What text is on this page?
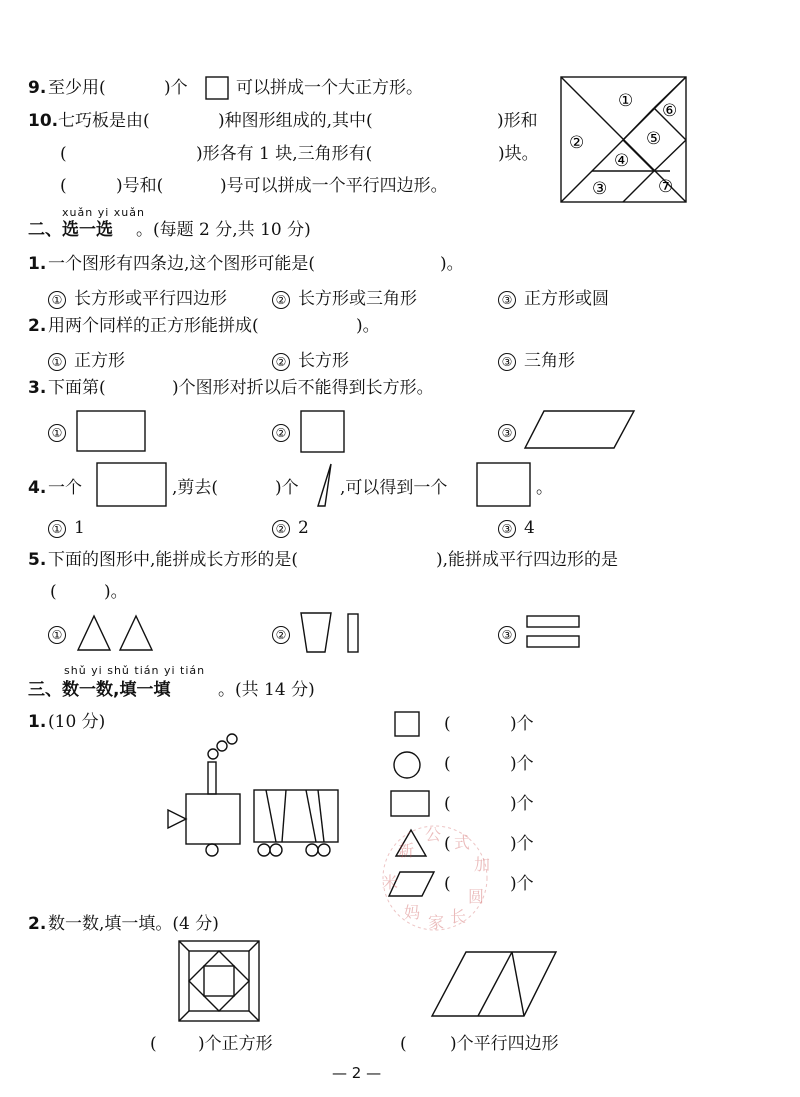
9. 至少用(	)个	可以拼成一个大正方形。
10. 七巧板是由(	)种图形组成的,其中(	)形和
(	)形各有 1 块,三角形有(	)块。
(	)号和(	)号可以拼成一个平行四边形。
① ⑥
②	⑤
④
③	⑦
xuǎn yi xuǎn
二、选一选 。(每题 2 分,共 10 分)
1. 一个图形有四条边,这个图形可能是(	)。
① 长方形或平行四边形	② 长方形或三角形	③ 正方形或圆
2. 用两个同样的正方形能拼成(	)。
① 正方形	② 长方形	③ 三角形
3. 下面第(	)个图形对折以后不能得到长方形。
①	②	③
4. 一个	,剪去(	)个 ,可以得到一个	。
① 1	② 2	③ 4
5. 下面的图形中,能拼成长方形的是(	),能拼成平行四边形的是
(	)。
①	②	③
shǔ yi shǔ tián yi tián
三、数一数,填一填	。(共 14 分)
1. (10 分)	(	)个
(	)个
(	)个
(	)个
(	)个
新
公 式
加
圆
米
妈
家 长
2. 数一数,填一填。(4 分)
( )个正方形	(	)个平行四边形
— 2 —
